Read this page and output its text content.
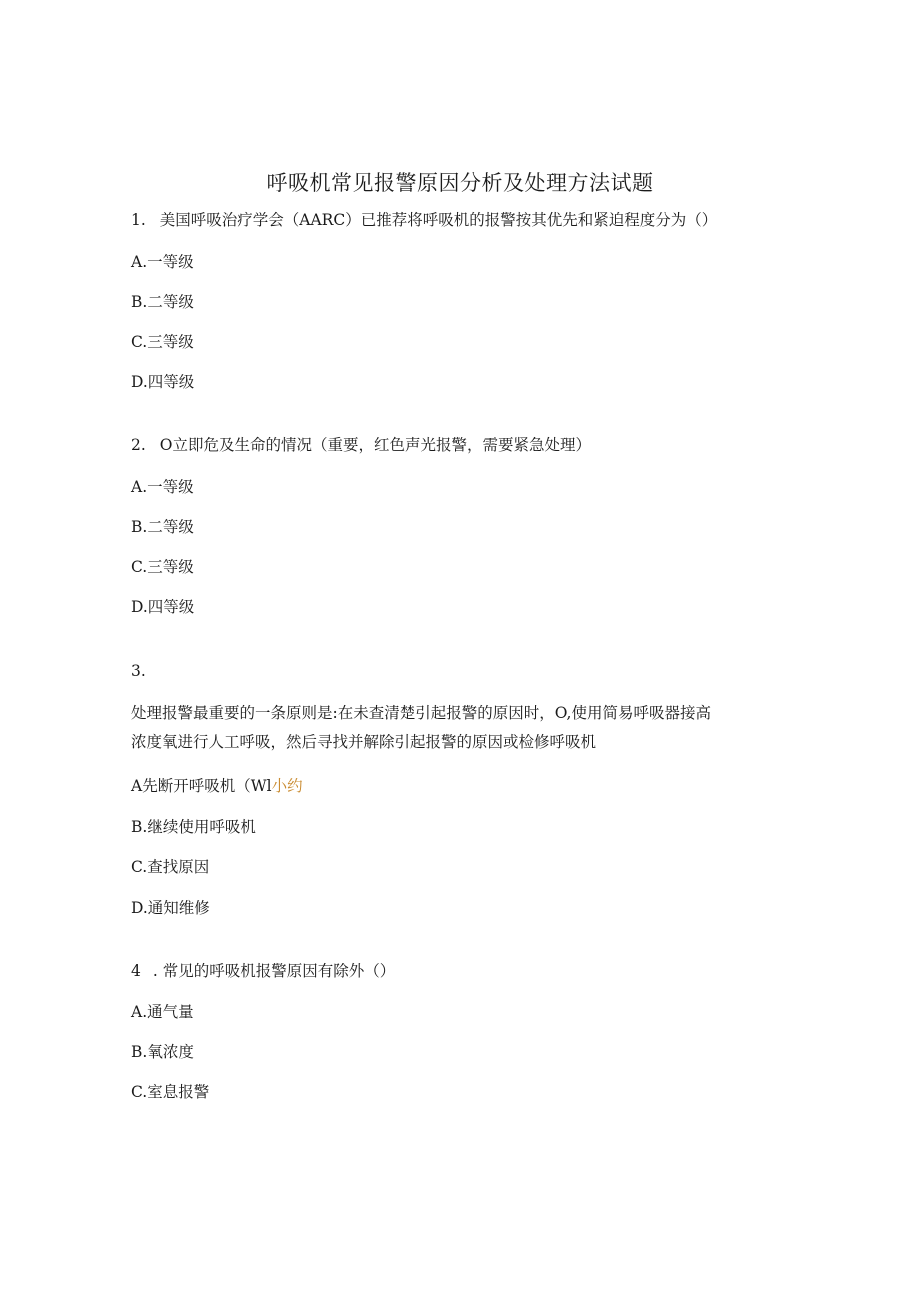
呼吸机常见报警原因分析及处理方法试题
1. 美国呼吸治疗学会（AARC）已推荐将呼吸机的报警按其优先和紧迫程度分为（）
A.一等级
B.二等级
C.三等级
D.四等级
2. O立即危及生命的情况（重要，红色声光报警，需要紧急处理）
A.一等级
B.二等级
C.三等级
D.四等级
3.
处理报警最重要的一条原则是:在未查清楚引起报警的原因时，O,使用简易呼吸器接高
浓度氧进行人工呼吸，然后寻找并解除引起报警的原因或检修呼吸机
A先断开呼吸机（Wl小约
B.继续使用呼吸机
C.查找原因
D.通知维修
4 . 常见的呼吸机报警原因有除外（）
A.通气量
B.氧浓度
C.室息报警
